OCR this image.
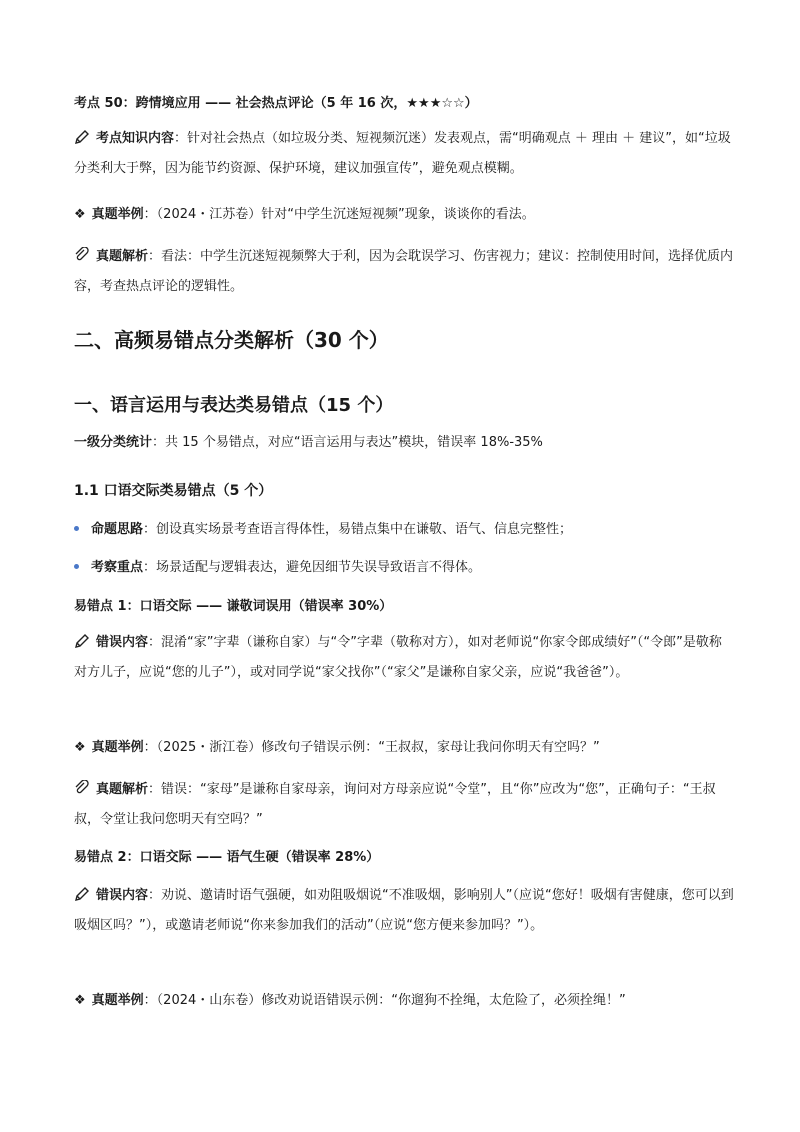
考点 50：跨情境应用 —— 社会热点评论（5 年 16 次，★★★☆☆）
考点知识内容：针对社会热点（如垃圾分类、短视频沉迷）发表观点，需“明确观点 ＋ 理由 ＋ 建议”，如“垃圾分类利大于弊，因为能节约资源、保护环境，建议加强宣传”，避免观点模糊。
❖ 真题举例：（2024・江苏卷）针对“中学生沉迷短视频”现象，谈谈你的看法。
真题解析：看法：中学生沉迷短视频弊大于利，因为会耽误学习、伤害视力；建议：控制使用时间，选择优质内容，考查热点评论的逻辑性。
二、高频易错点分类解析（30 个）
一、语言运用与表达类易错点（15 个）
一级分类统计：共 15 个易错点，对应“语言运用与表达”模块，错误率 18%-35%
1.1 口语交际类易错点（5 个）
命题思路：创设真实场景考查语言得体性，易错点集中在谦敬、语气、信息完整性；
考察重点：场景适配与逻辑表达，避免因细节失误导致语言不得体。
易错点 1：口语交际 —— 谦敬词误用（错误率 30%）
错误内容：混淆“家”字辈（谦称自家）与“令”字辈（敬称对方），如对老师说“你家令郎成绩好”（“令郎”是敬称对方儿子，应说“您的儿子”），或对同学说“家父找你”（“家父”是谦称自家父亲，应说“我爸爸”）。
❖ 真题举例：（2025・浙江卷）修改句子错误示例：“王叔叔，家母让我问你明天有空吗？”
真题解析：错误：“家母”是谦称自家母亲，询问对方母亲应说“令堂”，且“你”应改为“您”，正确句子：“王叔叔，令堂让我问您明天有空吗？”
易错点 2：口语交际 —— 语气生硬（错误率 28%）
错误内容：劝说、邀请时语气强硬，如劝阻吸烟说“不准吸烟，影响别人”（应说“您好！吸烟有害健康，您可以到吸烟区吗？”），或邀请老师说“你来参加我们的活动”（应说“您方便来参加吗？”）。
❖ 真题举例：（2024・山东卷）修改劝说语错误示例：“你遛狗不拴绳，太危险了，必须拴绳！”
